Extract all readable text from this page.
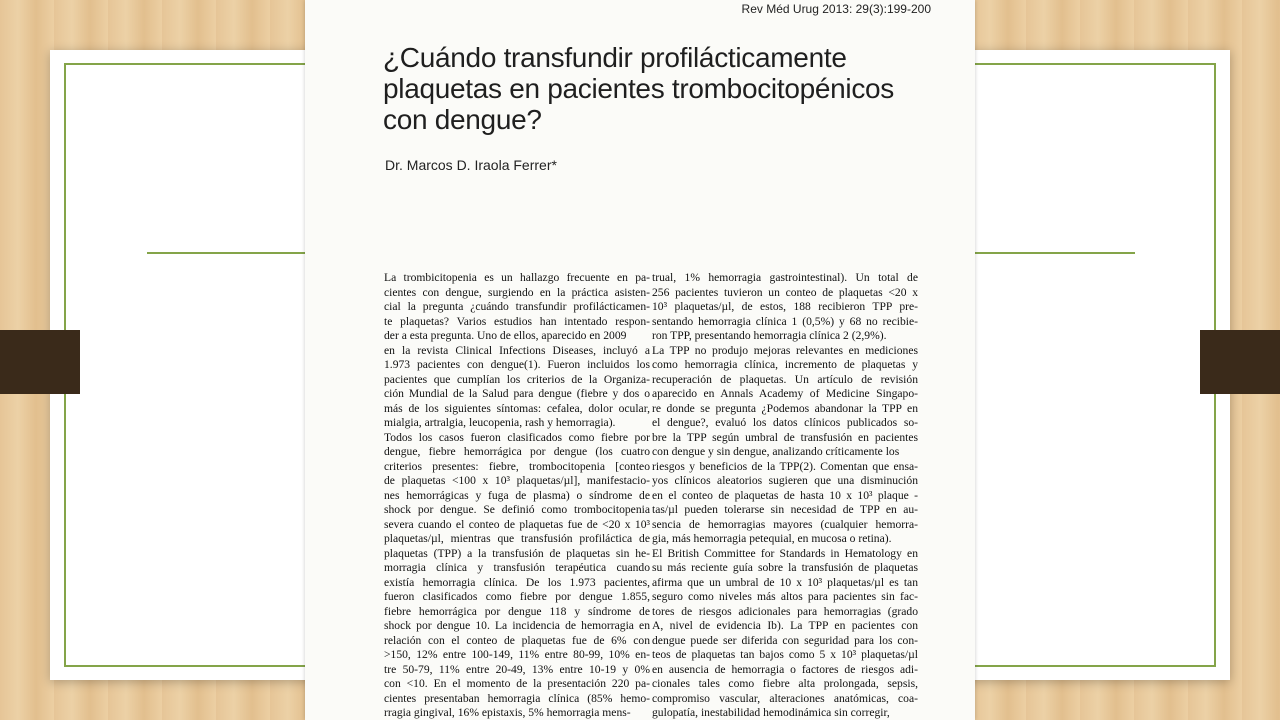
Rev Méd Urug 2013: 29(3):199-200
¿Cuándo transfundir profilácticamente
plaquetas en pacientes trombocitopénicos
con dengue?
Dr. Marcos D. Iraola Ferrer*
La trombicitopenia es un hallazgo frecuente en pa-
cientes con dengue, surgiendo en la práctica asisten-
cial la pregunta ¿cuándo transfundir profilácticamen-
te plaquetas? Varios estudios han intentado respon-
der a esta pregunta. Uno de ellos, aparecido en 2009
en la revista Clinical Infections Diseases, incluyó a
1.973 pacientes con dengue(1). Fueron incluidos los
pacientes que cumplían los criterios de la Organiza-
ción Mundial de la Salud para dengue (fiebre y dos o
más de los siguientes síntomas: cefalea, dolor ocular,
mialgia, artralgia, leucopenia, rash y hemorragia).
Todos los casos fueron clasificados como fiebre por
dengue, fiebre hemorrágica por dengue (los cuatro
criterios presentes: fiebre, trombocitopenia [conteo
de plaquetas <100 x 10³ plaquetas/µl], manifestacio-
nes hemorrágicas y fuga de plasma) o síndrome de
shock por dengue. Se definió como trombocitopenia
severa cuando el conteo de plaquetas fue de <20 x 10³
plaquetas/µl, mientras que transfusión profiláctica de
plaquetas (TPP) a la transfusión de plaquetas sin he-
morragia clínica y transfusión terapéutica cuando
existía hemorragia clínica. De los 1.973 pacientes,
fueron clasificados como fiebre por dengue 1.855,
fiebre hemorrágica por dengue 118 y síndrome de
shock por dengue 10. La incidencia de hemorragia en
relación con el conteo de plaquetas fue de 6% con
>150, 12% entre 100-149, 11% entre 80-99, 10% en-
tre 50-79, 11% entre 20-49, 13% entre 10-19 y 0%
con <10. En el momento de la presentación 220 pa-
cientes presentaban hemorragia clínica (85% hemo-
rragia gingival, 16% epistaxis, 5% hemorragia mens-
trual, 1% hemorragia gastrointestinal). Un total de
256 pacientes tuvieron un conteo de plaquetas <20 x
10³ plaquetas/µl, de estos, 188 recibieron TPP pre-
sentando hemorragia clínica 1 (0,5%) y 68 no recibie-
ron TPP, presentando hemorragia clínica 2 (2,9%).
La TPP no produjo mejoras relevantes en mediciones
como hemorragia clínica, incremento de plaquetas y
recuperación de plaquetas. Un artículo de revisión
aparecido en Annals Academy of Medicine Singapo-
re donde se pregunta ¿Podemos abandonar la TPP en
el dengue?, evaluó los datos clínicos publicados so-
bre la TPP según umbral de transfusión en pacientes
con dengue y sin dengue, analizando críticamente los
riesgos y beneficios de la TPP(2). Comentan que ensa-
yos clínicos aleatorios sugieren que una disminución
en el conteo de plaquetas de hasta 10 x 10³ plaque -
tas/µl pueden tolerarse sin necesidad de TPP en au-
sencia de hemorragias mayores (cualquier hemorra-
gia, más hemorragia petequial, en mucosa o retina).
El British Committee for Standards in Hematology en
su más reciente guía sobre la transfusión de plaquetas
afirma que un umbral de 10 x 10³ plaquetas/µl es tan
seguro como niveles más altos para pacientes sin fac-
tores de riesgos adicionales para hemorragias (grado
A, nivel de evidencia Ib). La TPP en pacientes con
dengue puede ser diferida con seguridad para los con-
teos de plaquetas tan bajos como 5 x 10³ plaquetas/µl
en ausencia de hemorragia o factores de riesgos adi-
cionales tales como fiebre alta prolongada, sepsis,
compromiso vascular, alteraciones anatómicas, coa-
gulopatía, inestabilidad hemodinámica sin corregir,
